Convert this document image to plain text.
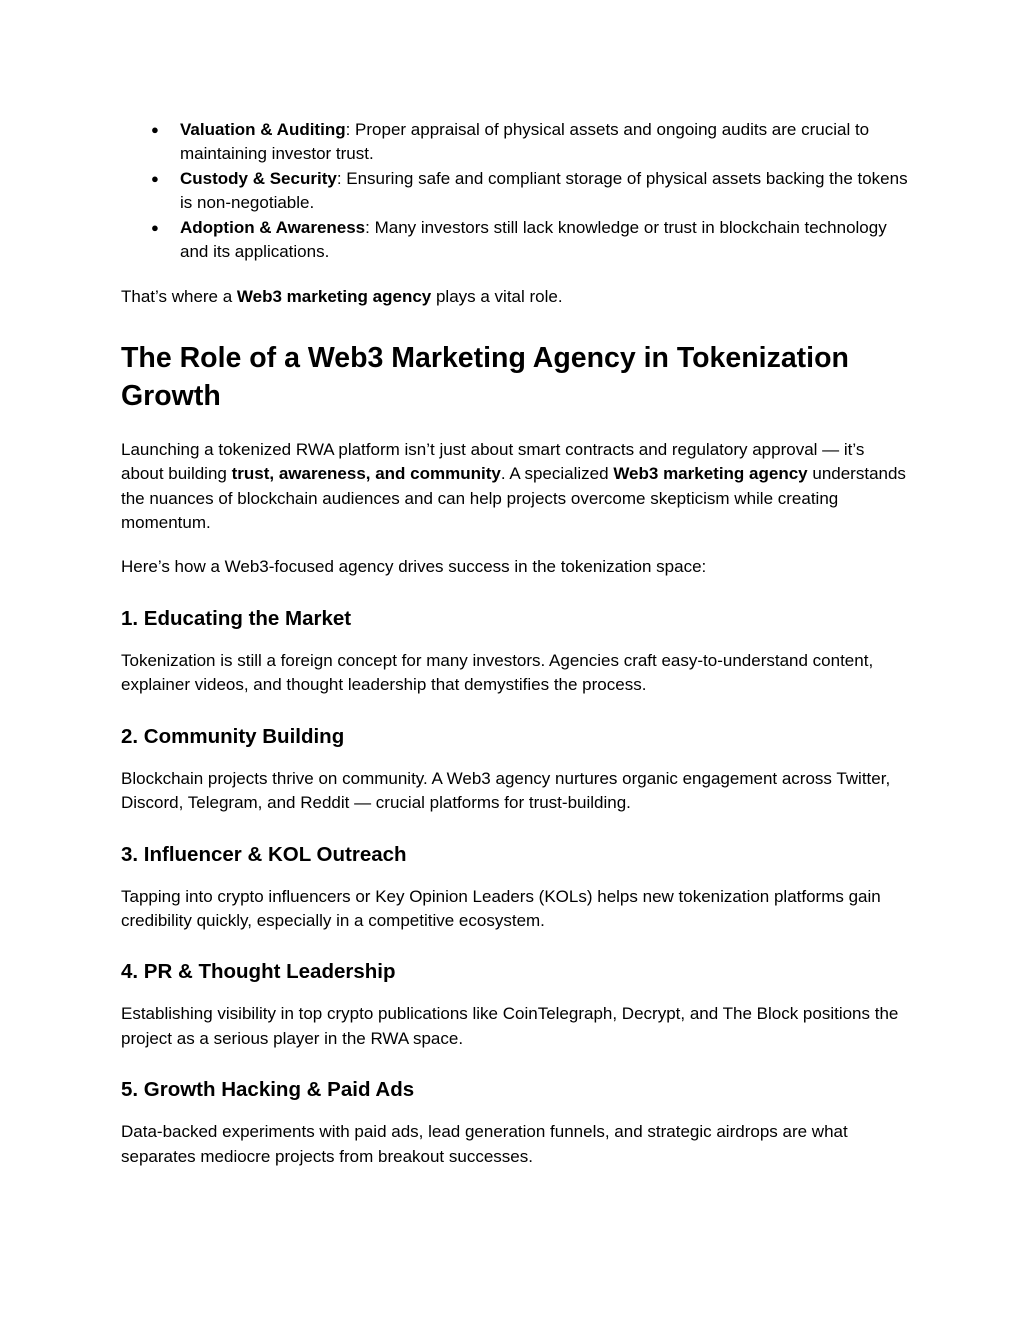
● Valuation & Auditing: Proper appraisal of physical assets and ongoing audits are crucial to maintaining investor trust.
● Custody & Security: Ensuring safe and compliant storage of physical assets backing the tokens is non-negotiable.
● Adoption & Awareness: Many investors still lack knowledge or trust in blockchain technology and its applications.

That’s where a Web3 marketing agency plays a vital role.

The Role of a Web3 Marketing Agency in Tokenization Growth

Launching a tokenized RWA platform isn’t just about smart contracts and regulatory approval — it’s about building trust, awareness, and community. A specialized Web3 marketing agency understands the nuances of blockchain audiences and can help projects overcome skepticism while creating momentum.

Here’s how a Web3-focused agency drives success in the tokenization space:

1. Educating the Market

Tokenization is still a foreign concept for many investors. Agencies craft easy-to-understand content, explainer videos, and thought leadership that demystifies the process.

2. Community Building

Blockchain projects thrive on community. A Web3 agency nurtures organic engagement across Twitter, Discord, Telegram, and Reddit — crucial platforms for trust-building.

3. Influencer & KOL Outreach

Tapping into crypto influencers or Key Opinion Leaders (KOLs) helps new tokenization platforms gain credibility quickly, especially in a competitive ecosystem.

4. PR & Thought Leadership

Establishing visibility in top crypto publications like CoinTelegraph, Decrypt, and The Block positions the project as a serious player in the RWA space.

5. Growth Hacking & Paid Ads

Data-backed experiments with paid ads, lead generation funnels, and strategic airdrops are what separates mediocre projects from breakout successes.
